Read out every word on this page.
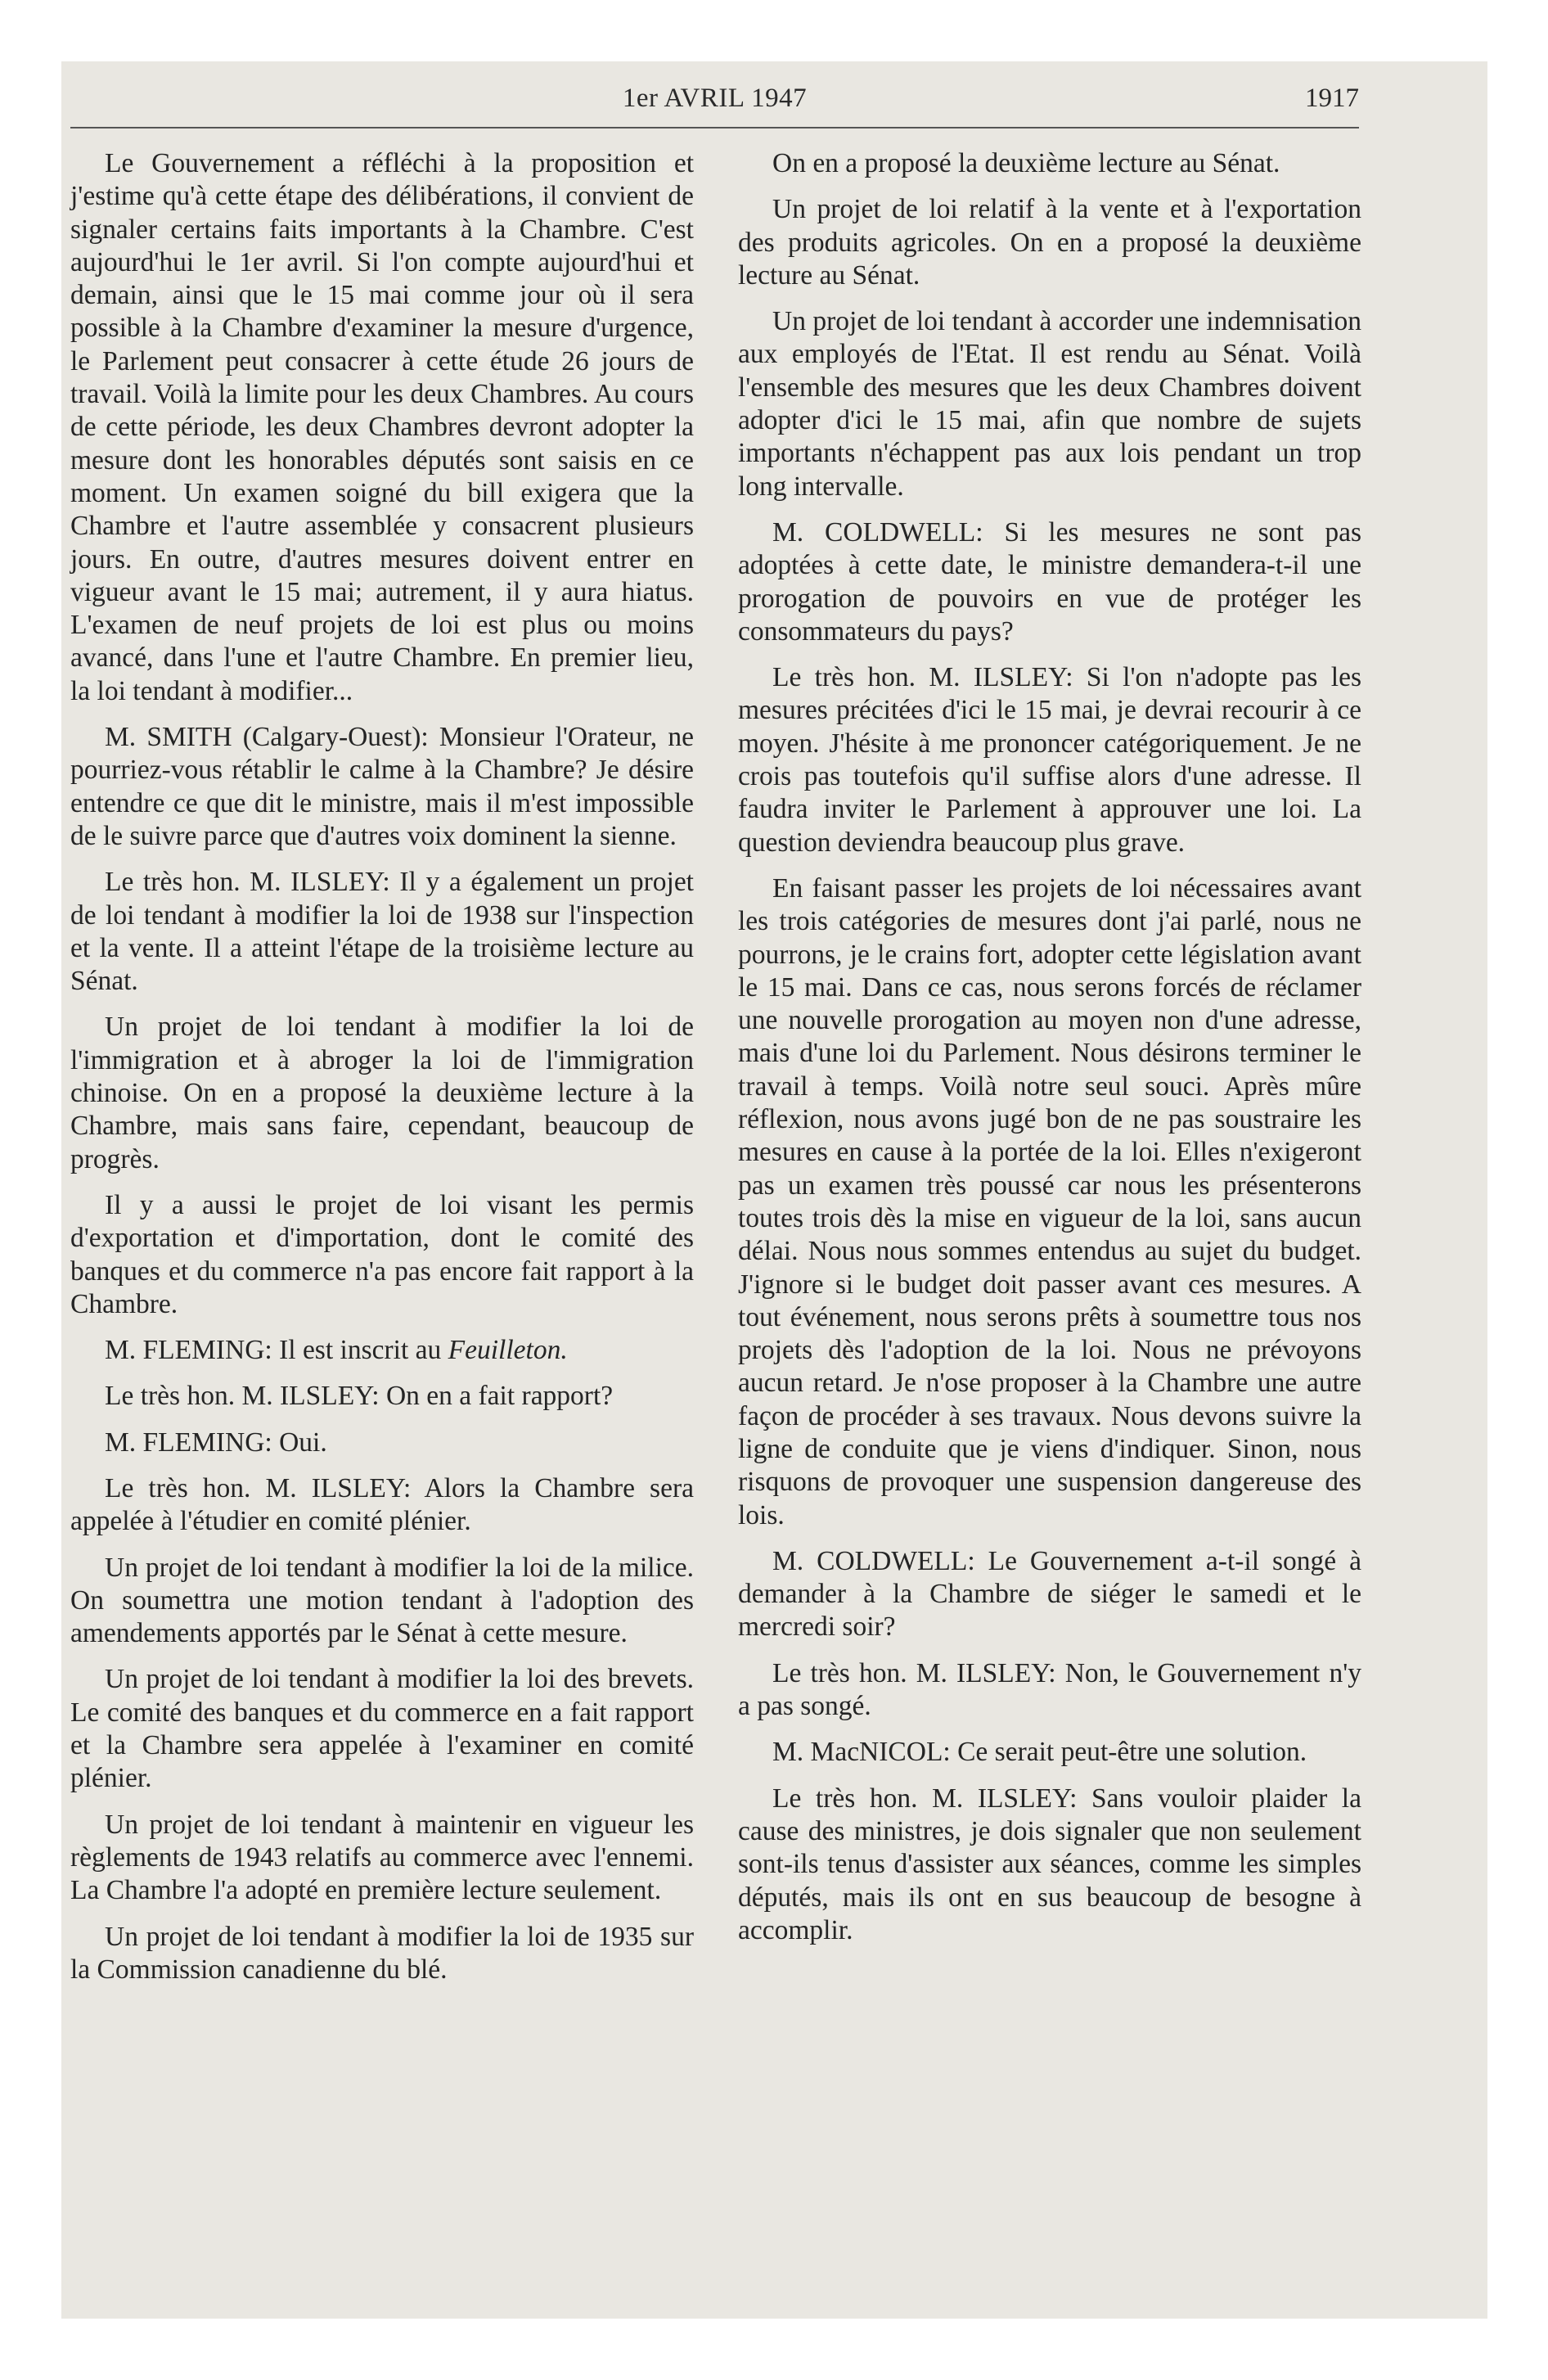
1er AVRIL 1947	1917

Le Gouvernement a réfléchi à la proposition et j'estime qu'à cette étape des délibérations, il convient de signaler certains faits importants à la Chambre. C'est aujourd'hui le 1er avril. Si l'on compte aujourd'hui et demain, ainsi que le 15 mai comme jour où il sera possible à la Chambre d'examiner la mesure d'urgence, le Parlement peut consacrer à cette étude 26 jours de travail. Voilà la limite pour les deux Chambres. Au cours de cette période, les deux Chambres devront adopter la mesure dont les honorables députés sont saisis en ce moment. Un examen soigné du bill exigera que la Chambre et l'autre assemblée y consacrent plusieurs jours. En outre, d'autres mesures doivent entrer en vigueur avant le 15 mai; autrement, il y aura hiatus. L'examen de neuf projets de loi est plus ou moins avancé, dans l'une et l'autre Chambre. En premier lieu, la loi tendant à modifier...

M. SMITH (Calgary-Ouest): Monsieur l'Orateur, ne pourriez-vous rétablir le calme à la Chambre? Je désire entendre ce que dit le ministre, mais il m'est impossible de le suivre parce que d'autres voix dominent la sienne.

Le très hon. M. ILSLEY: Il y a également un projet de loi tendant à modifier la loi de 1938 sur l'inspection et la vente. Il a atteint l'étape de la troisième lecture au Sénat.

Un projet de loi tendant à modifier la loi de l'immigration et à abroger la loi de l'immigration chinoise. On en a proposé la deuxième lecture à la Chambre, mais sans faire, cependant, beaucoup de progrès.

Il y a aussi le projet de loi visant les permis d'exportation et d'importation, dont le comité des banques et du commerce n'a pas encore fait rapport à la Chambre.

M. FLEMING: Il est inscrit au Feuilleton.

Le très hon. M. ILSLEY: On en a fait rapport?

M. FLEMING: Oui.

Le très hon. M. ILSLEY: Alors la Chambre sera appelée à l'étudier en comité plénier.

Un projet de loi tendant à modifier la loi de la milice. On soumettra une motion tendant à l'adoption des amendements apportés par le Sénat à cette mesure.

Un projet de loi tendant à modifier la loi des brevets. Le comité des banques et du commerce en a fait rapport et la Chambre sera appelée à l'examiner en comité plénier.

Un projet de loi tendant à maintenir en vigueur les règlements de 1943 relatifs au commerce avec l'ennemi. La Chambre l'a adopté en première lecture seulement.

Un projet de loi tendant à modifier la loi de 1935 sur la Commission canadienne du blé.

On en a proposé la deuxième lecture au Sénat.

Un projet de loi relatif à la vente et à l'exportation des produits agricoles. On en a proposé la deuxième lecture au Sénat.

Un projet de loi tendant à accorder une indemnisation aux employés de l'Etat. Il est rendu au Sénat. Voilà l'ensemble des mesures que les deux Chambres doivent adopter d'ici le 15 mai, afin que nombre de sujets importants n'échappent pas aux lois pendant un trop long intervalle.

M. COLDWELL: Si les mesures ne sont pas adoptées à cette date, le ministre demandera-t-il une prorogation de pouvoirs en vue de protéger les consommateurs du pays?

Le très hon. M. ILSLEY: Si l'on n'adopte pas les mesures précitées d'ici le 15 mai, je devrai recourir à ce moyen. J'hésite à me prononcer catégoriquement. Je ne crois pas toutefois qu'il suffise alors d'une adresse. Il faudra inviter le Parlement à approuver une loi. La question deviendra beaucoup plus grave.

En faisant passer les projets de loi nécessaires avant les trois catégories de mesures dont j'ai parlé, nous ne pourrons, je le crains fort, adopter cette législation avant le 15 mai. Dans ce cas, nous serons forcés de réclamer une nouvelle prorogation au moyen non d'une adresse, mais d'une loi du Parlement. Nous désirons terminer le travail à temps. Voilà notre seul souci. Après mûre réflexion, nous avons jugé bon de ne pas soustraire les mesures en cause à la portée de la loi. Elles n'exigeront pas un examen très poussé car nous les présenterons toutes trois dès la mise en vigueur de la loi, sans aucun délai. Nous nous sommes entendus au sujet du budget. J'ignore si le budget doit passer avant ces mesures. A tout événement, nous serons prêts à soumettre tous nos projets dès l'adoption de la loi. Nous ne prévoyons aucun retard. Je n'ose proposer à la Chambre une autre façon de procéder à ses travaux. Nous devons suivre la ligne de conduite que je viens d'indiquer. Sinon, nous risquons de provoquer une suspension dangereuse des lois.

M. COLDWELL: Le Gouvernement a-t-il songé à demander à la Chambre de siéger le samedi et le mercredi soir?

Le très hon. M. ILSLEY: Non, le Gouvernement n'y a pas songé.

M. MacNICOL: Ce serait peut-être une solution.

Le très hon. M. ILSLEY: Sans vouloir plaider la cause des ministres, je dois signaler que non seulement sont-ils tenus d'assister aux séances, comme les simples députés, mais ils ont en sus beaucoup de besogne à accomplir.
